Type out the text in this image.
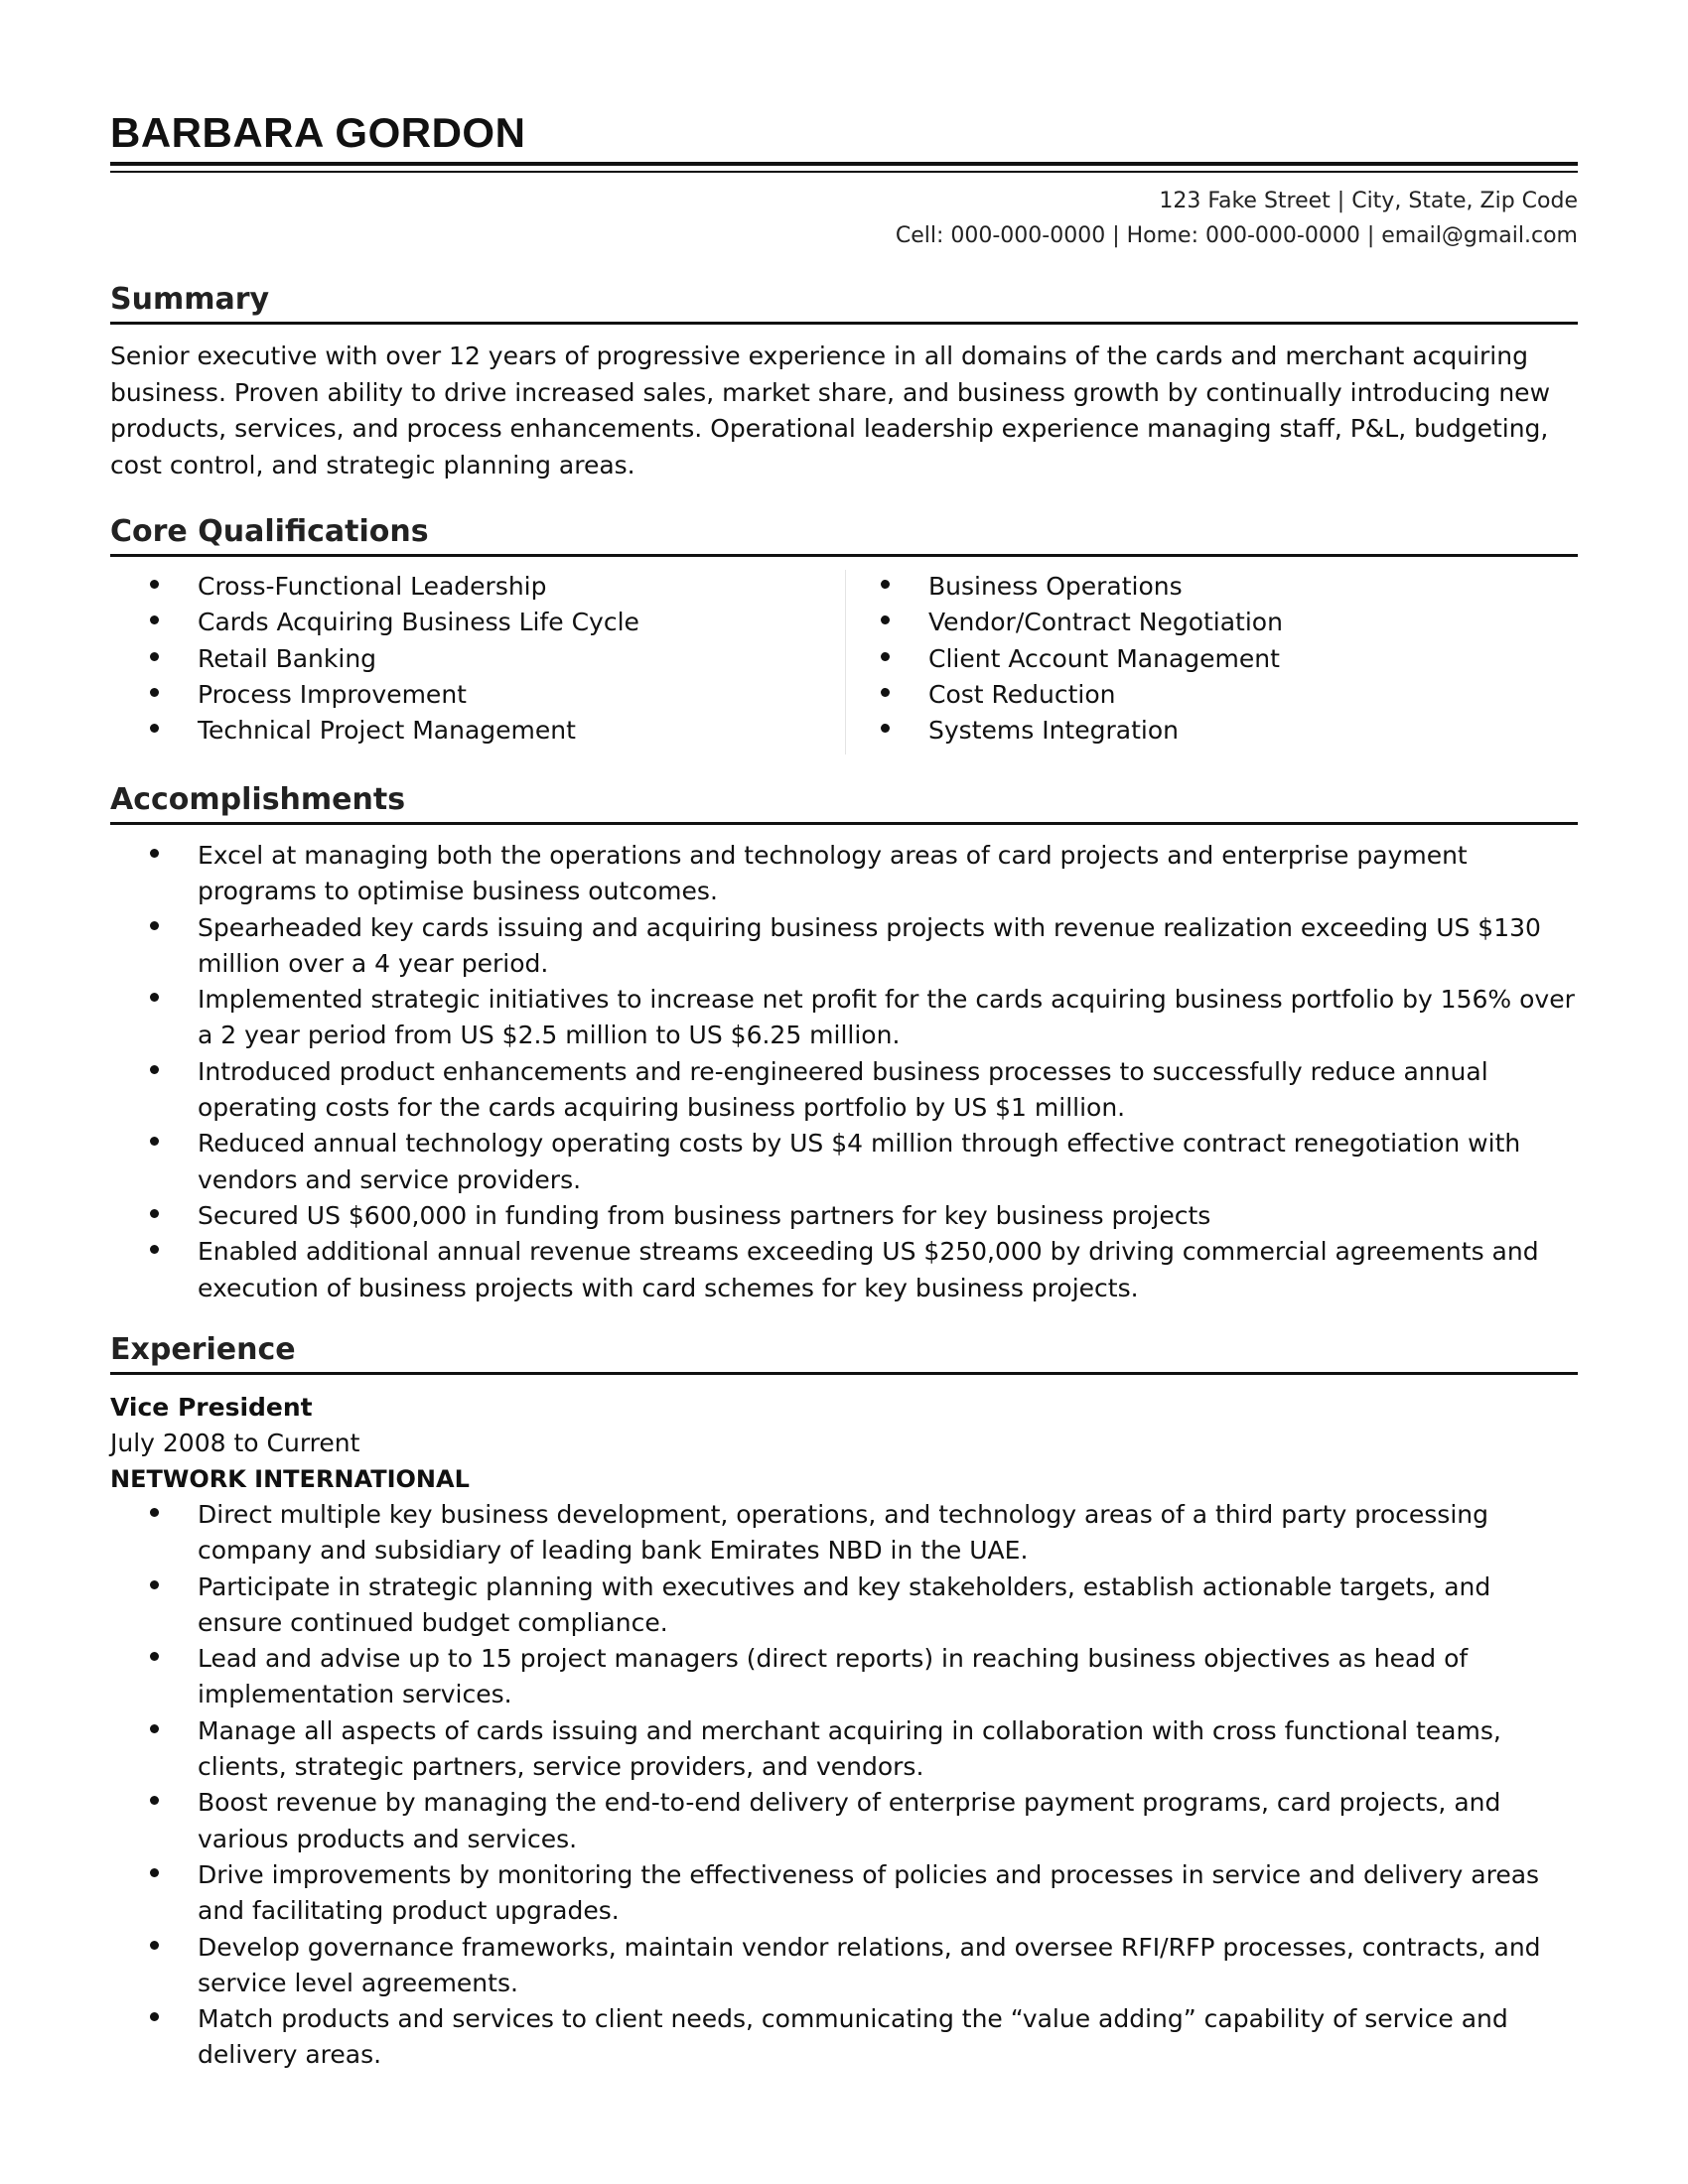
BARBARA GORDON
123 Fake Street | City, State, Zip Code
Cell: 000-000-0000 | Home: 000-000-0000 | email@gmail.com
Summary
Senior executive with over 12 years of progressive experience in all domains of the cards and merchant acquiring business. Proven ability to drive increased sales, market share, and business growth by continually introducing new products, services, and process enhancements. Operational leadership experience managing staff, P&L, budgeting, cost control, and strategic planning areas.
Core Qualifications
Cross-Functional Leadership
Cards Acquiring Business Life Cycle
Retail Banking
Process Improvement
Technical Project Management
Business Operations
Vendor/Contract Negotiation
Client Account Management
Cost Reduction
Systems Integration
Accomplishments
Excel at managing both the operations and technology areas of card projects and enterprise payment programs to optimise business outcomes.
Spearheaded key cards issuing and acquiring business projects with revenue realization exceeding US $130 million over a 4 year period.
Implemented strategic initiatives to increase net profit for the cards acquiring business portfolio by 156% over a 2 year period from US $2.5 million to US $6.25 million.
Introduced product enhancements and re-engineered business processes to successfully reduce annual operating costs for the cards acquiring business portfolio by US $1 million.
Reduced annual technology operating costs by US $4 million through effective contract renegotiation with vendors and service providers.
Secured US $600,000 in funding from business partners for key business projects
Enabled additional annual revenue streams exceeding US $250,000 by driving commercial agreements and execution of business projects with card schemes for key business projects.
Experience
Vice President
July 2008 to Current
NETWORK INTERNATIONAL
Direct multiple key business development, operations, and technology areas of a third party processing company and subsidiary of leading bank Emirates NBD in the UAE.
Participate in strategic planning with executives and key stakeholders, establish actionable targets, and ensure continued budget compliance.
Lead and advise up to 15 project managers (direct reports) in reaching business objectives as head of implementation services.
Manage all aspects of cards issuing and merchant acquiring in collaboration with cross functional teams, clients, strategic partners, service providers, and vendors.
Boost revenue by managing the end-to-end delivery of enterprise payment programs, card projects, and various products and services.
Drive improvements by monitoring the effectiveness of policies and processes in service and delivery areas and facilitating product upgrades.
Develop governance frameworks, maintain vendor relations, and oversee RFI/RFP processes, contracts, and service level agreements.
Match products and services to client needs, communicating the “value adding” capability of service and delivery areas.
